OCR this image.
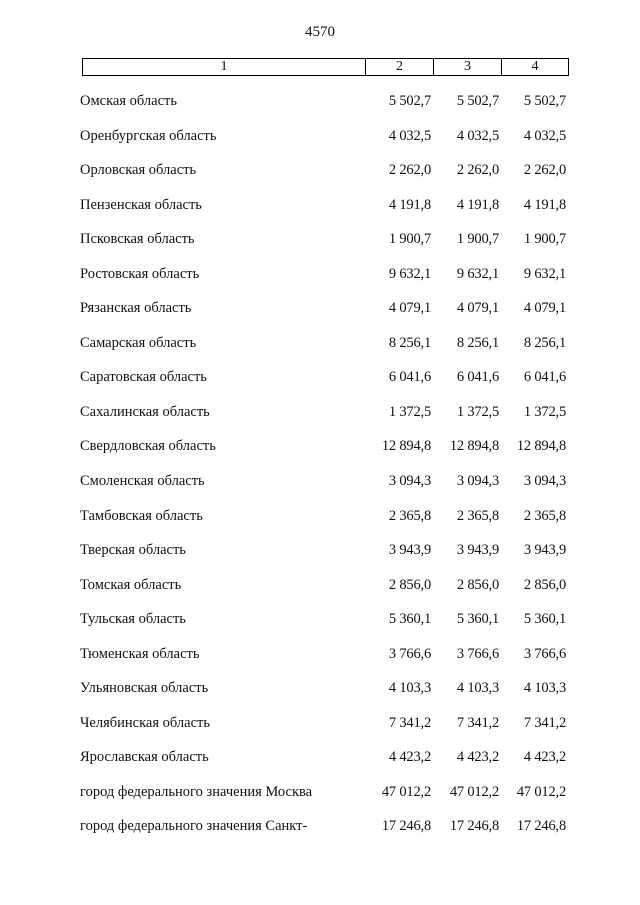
4570
1	2	3	4
Омская область	5 502,7	5 502,7	5 502,7
Оренбургская область	4 032,5	4 032,5	4 032,5
Орловская область	2 262,0	2 262,0	2 262,0
Пензенская область	4 191,8	4 191,8	4 191,8
Псковская область	1 900,7	1 900,7	1 900,7
Ростовская область	9 632,1	9 632,1	9 632,1
Рязанская область	4 079,1	4 079,1	4 079,1
Самарская область	8 256,1	8 256,1	8 256,1
Саратовская область	6 041,6	6 041,6	6 041,6
Сахалинская область	1 372,5	1 372,5	1 372,5
Свердловская область	12 894,8	12 894,8	12 894,8
Смоленская область	3 094,3	3 094,3	3 094,3
Тамбовская область	2 365,8	2 365,8	2 365,8
Тверская область	3 943,9	3 943,9	3 943,9
Томская область	2 856,0	2 856,0	2 856,0
Тульская область	5 360,1	5 360,1	5 360,1
Тюменская область	3 766,6	3 766,6	3 766,6
Ульяновская область	4 103,3	4 103,3	4 103,3
Челябинская область	7 341,2	7 341,2	7 341,2
Ярославская область	4 423,2	4 423,2	4 423,2
город федерального значения Москва	47 012,2	47 012,2	47 012,2
город федерального значения Санкт-	17 246,8	17 246,8	17 246,8
